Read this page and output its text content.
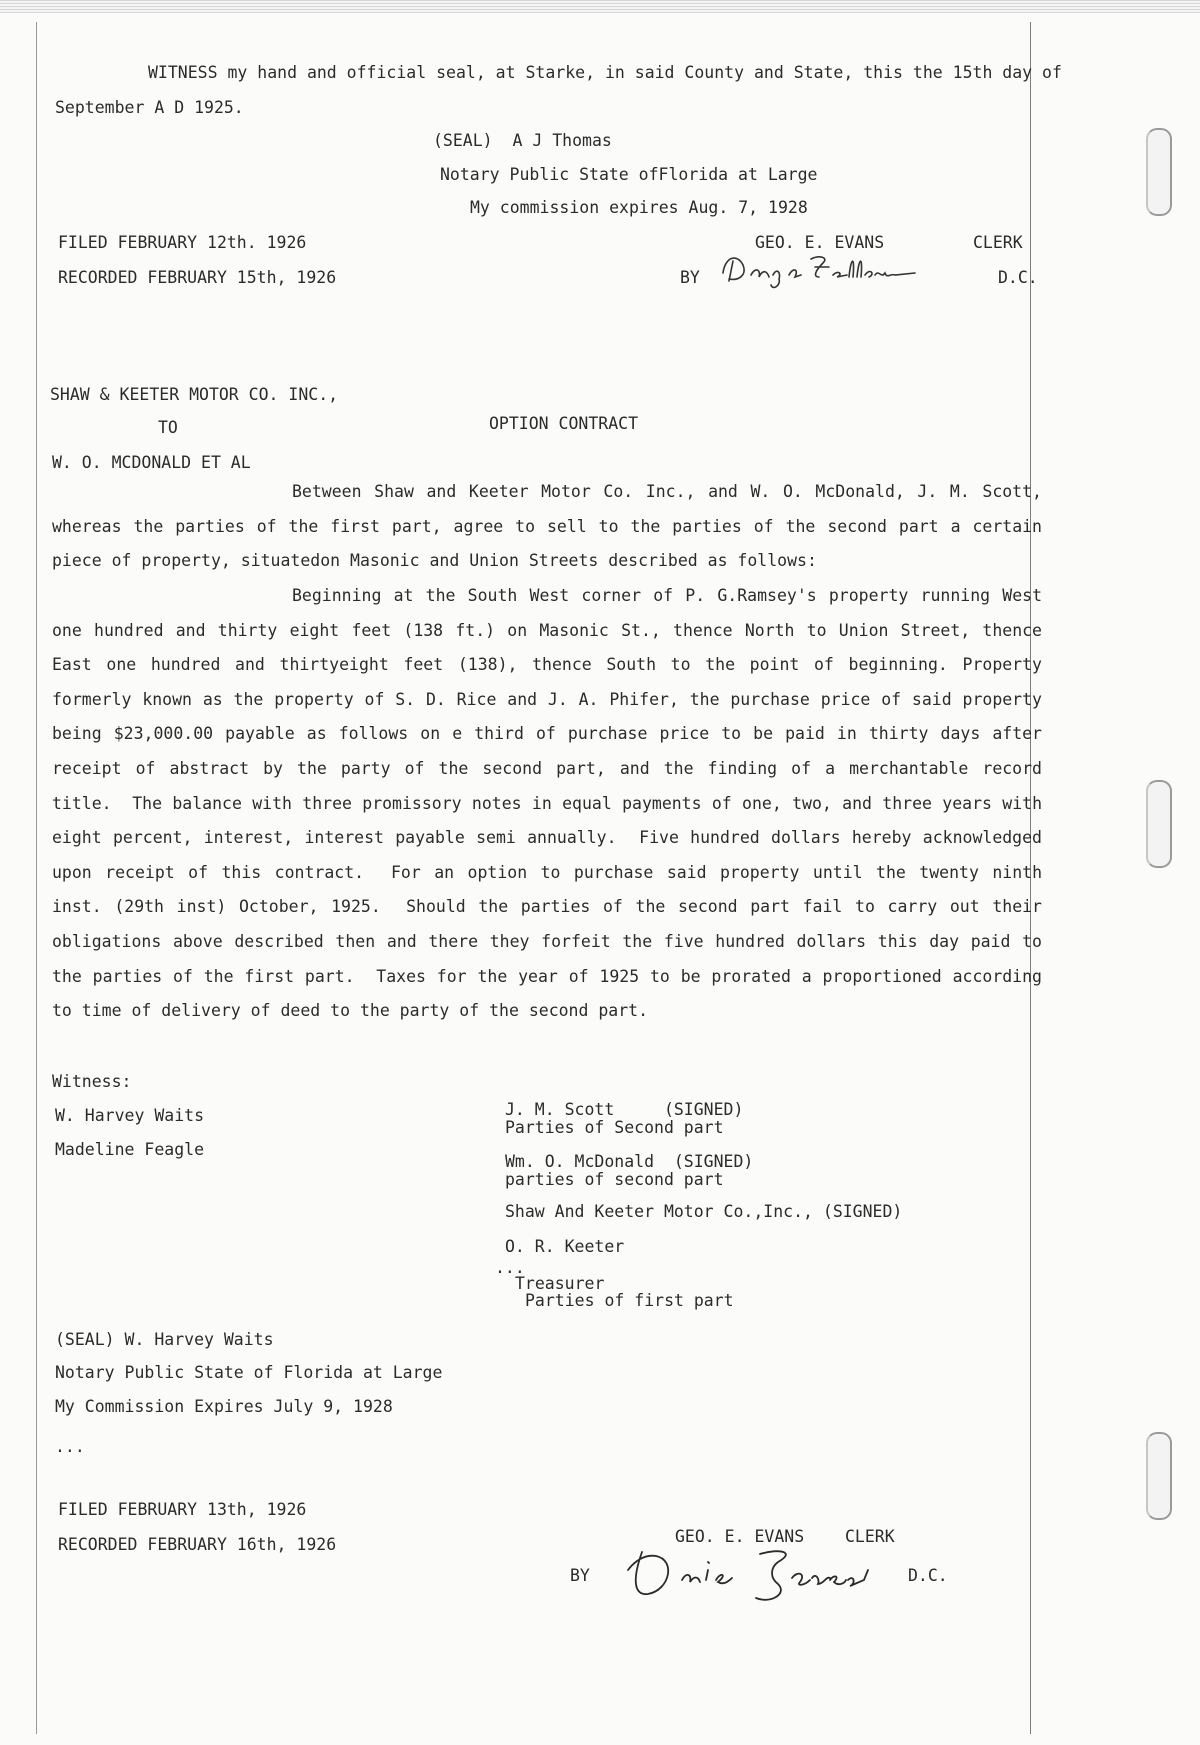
WITNESS my hand and official seal, at Starke, in said County and State, this the 15th day of
September A D 1925.
(SEAL)  A J Thomas
Notary Public State ofFlorida at Large
My commission expires Aug. 7, 1928
FILED FEBRUARY 12th. 1926
RECORDED FEBRUARY 15th, 1926
GEO. E. EVANS	CLERK
BY	D.C.
SHAW & KEETER MOTOR CO. INC.,
TO	OPTION CONTRACT
W. O. MCDONALD ET AL
Between Shaw and Keeter Motor Co. Inc., and W. O. McDonald, J. M. Scott, whereas the parties of the first part, agree to sell to the parties of the second part a certain piece of property, situatedon Masonic and Union Streets described as follows:
Beginning at the South West corner of P. G.Ramsey's property running West one hundred and thirty eight feet (138 ft.) on Masonic St., thence North to Union Street, thence East one hundred and thirtyeight feet (138), thence South to the point of beginning. Property formerly known as the property of S. D. Rice and J. A. Phifer, the purchase price of said property being $23,000.00 payable as follows on e third of purchase price to be paid in thirty days after receipt of abstract by the party of the second part, and the finding of a merchantable record title.  The balance with three promissory notes in equal payments of one, two, and three years with eight percent, interest, interest payable semi annually.  Five hundred dollars hereby acknowledged upon receipt of this contract.  For an option to purchase said property until the twenty ninth inst. (29th inst) October, 1925.  Should the parties of the second part fail to carry out their obligations above described then and there they forfeit the five hundred dollars this day paid to the parties of the first part.  Taxes for the year of 1925 to be prorated a proportioned according to time of delivery of deed to the party of the second part.
Witness:
W. Harvey Waits
Madeline Feagle
J. M. Scott     (SIGNED)
Parties of Second part
Wm. O. McDonald  (SIGNED)
parties of second part
Shaw And Keeter Motor Co.,Inc., (SIGNED)
O. R. Keeter
...
Treasurer
Parties of first part
(SEAL) W. Harvey Waits
Notary Public State of Florida at Large
My Commission Expires July 9, 1928
...
FILED FEBRUARY 13th, 1926
RECORDED FEBRUARY 16th, 1926	GEO. E. EVANS CLERK
BY	D.C.
